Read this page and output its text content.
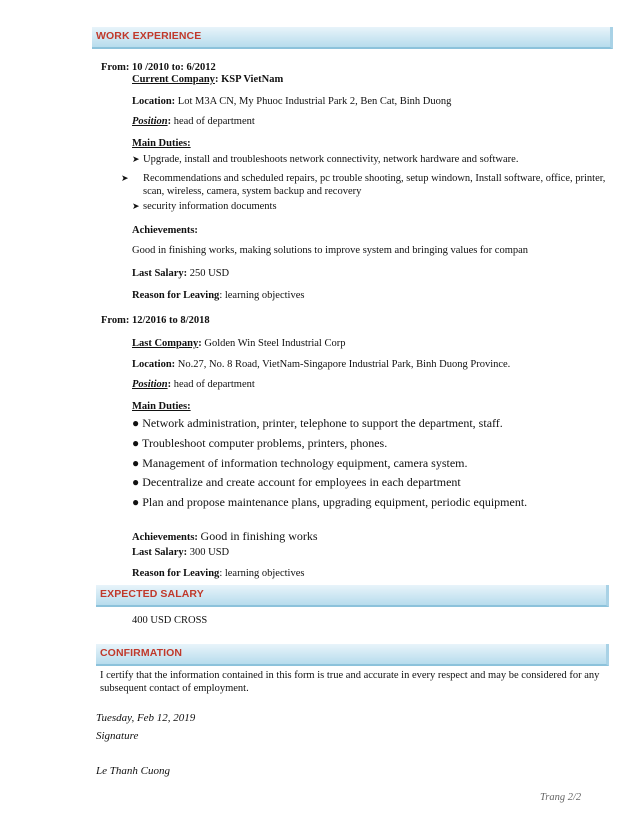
WORK EXPERIENCE
From: 10 /2010 to: 6/2012
Current Company: KSP VietNam
Location: Lot M3A CN, My Phuoc Industrial Park 2, Ben Cat, Binh Duong
Position: head of department
Main Duties:
➤ Upgrade, install and troubleshoots network connectivity, network hardware and software.
➤ Recommendations and scheduled repairs, pc trouble shooting, setup windown, Install software, office, printer, scan, wireless, camera, system backup and recovery
➤ security information documents
Achievements:
Good in finishing works, making solutions to improve system and bringing values for compan
Last Salary: 250 USD
Reason for Leaving: learning objectives
From: 12/2016 to 8/2018
Last Company: Golden Win Steel Industrial Corp
Location: No.27, No. 8 Road, VietNam-Singapore Industrial Park, Binh Duong Province.
Position: head of department
Main Duties:
● Network administration, printer, telephone to support the department, staff.
● Troubleshoot computer problems, printers, phones.
● Management of information technology equipment, camera system.
● Decentralize and create account for employees in each department
● Plan and propose maintenance plans, upgrading equipment, periodic equipment.
Achievements: Good in finishing works
Last Salary: 300 USD
Reason for Leaving: learning objectives
EXPECTED SALARY
400 USD CROSS
CONFIRMATION
I certify that the information contained in this form is true and accurate in every respect and may be considered for any subsequent contact of employment.
Tuesday, Feb 12, 2019
Signature
Le Thanh Cuong
Trang 2/2
